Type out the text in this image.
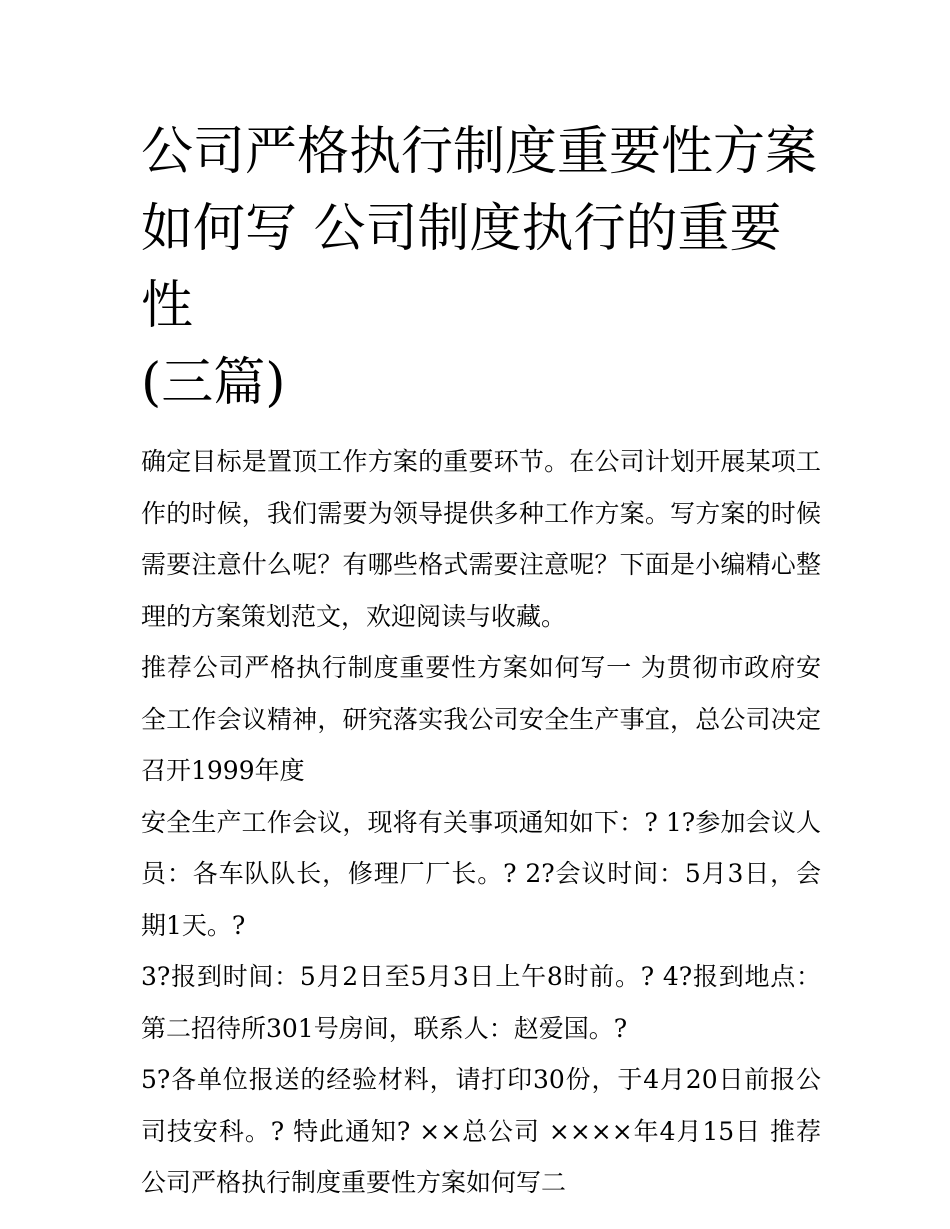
公司严格执行制度重要性方案
如何写 公司制度执行的重要性
(三篇)

确定目标是置顶工作方案的重要环节。在公司计划开展某项工作的时候，我们需要为领导提供多种工作方案。写方案的时候需要注意什么呢？有哪些格式需要注意呢？下面是小编精心整理的方案策划范文，欢迎阅读与收藏。

推荐公司严格执行制度重要性方案如何写一 为贯彻市政府安全工作会议精神，研究落实我公司安全生产事宜，总公司决定召开1999年度

安全生产工作会议，现将有关事项通知如下：? 1?参加会议人员：各车队队长，修理厂厂长。? 2?会议时间：5月3日，会期1天。?

3?报到时间：5月2日至5月3日上午8时前。? 4?报到地点：第二招待所301号房间，联系人：赵爱国。?

5?各单位报送的经验材料，请打印30份，于4月20日前报公司技安科。? 特此通知? ××总公司 ××××年4月15日 推荐公司严格执行制度重要性方案如何写二
